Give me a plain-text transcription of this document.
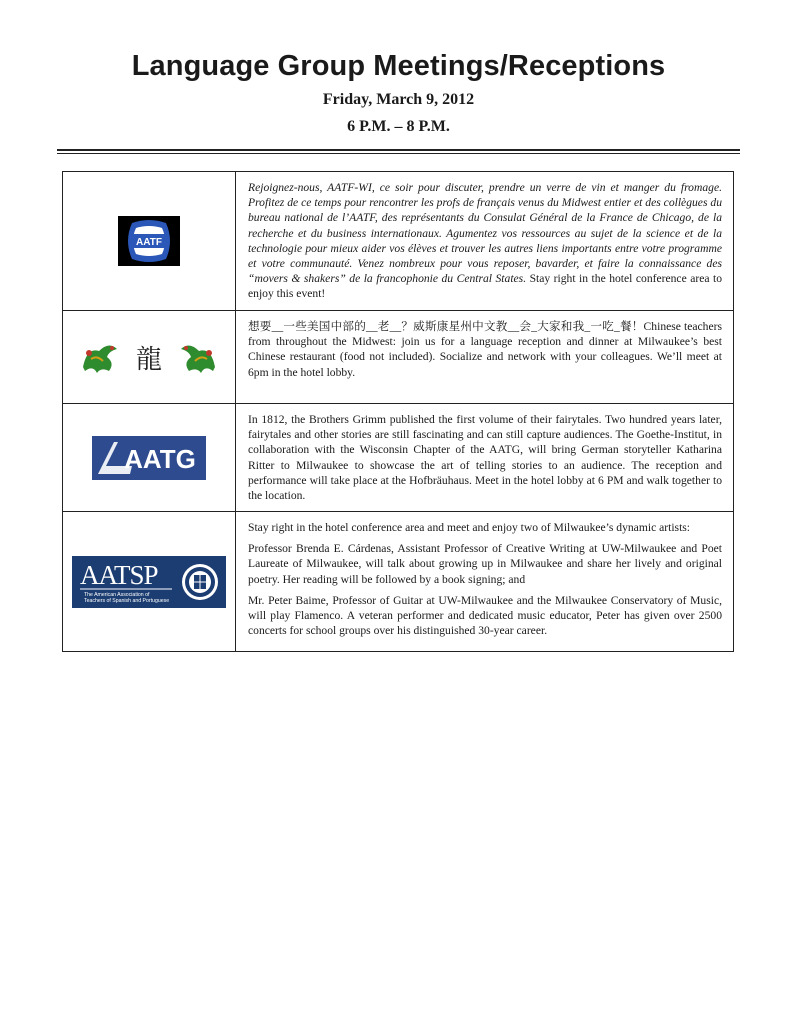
Language Group Meetings/Receptions

Friday, March 9, 2012

6 P.M. – 8 P.M.

AATF

Rejoignez-nous, AATF-WI, ce soir pour discuter, prendre un verre de vin et manger du fromage. Profitez de ce temps pour rencontrer les profs de français venus du Midwest entier et des collègues du bureau national de l’AATF, des représentants du Consulat Général de la France de Chicago, de la recherche et du business internationaux. Agumentez vos ressources au sujet de la science et de la technologie pour mieux aider vos élèves et trouver les autres liens importants entre votre programme et votre communauté. Venez nombreux pour vous reposer, bavarder, et faire la connaissance des “movers & shakers” de la francophonie du Central States. Stay right in the hotel conference area to enjoy this event!

龍

想要__一些美国中部的__老__？威斯康星州中文教__会_大家和我_一吃_餐！Chinese teachers from throughout the Midwest: join us for a language reception and dinner at Milwaukee’s best Chinese restaurant (food not included). Socialize and network with your colleagues. We’ll meet at 6pm in the hotel lobby.

AATG

In 1812, the Brothers Grimm published the first volume of their fairytales. Two hundred years later, fairytales and other stories are still fascinating and can still capture audiences. The Goethe-Institut, in collaboration with the Wisconsin Chapter of the AATG, will bring German storyteller Katharina Ritter to Milwaukee to showcase the art of telling stories to an audience. The reception and performance will take place at the Hofbräuhaus. Meet in the hotel lobby at 6 PM and walk together to the location.

AATSP
The American Association of
Teachers of Spanish and Portuguese

Stay right in the hotel conference area and meet and enjoy two of Milwaukee’s dynamic artists:

Professor Brenda E. Cárdenas, Assistant Professor of Creative Writing at UW-Milwaukee and Poet Laureate of Milwaukee, will talk about growing up in Milwaukee and share her lively and original poetry. Her reading will be followed by a book signing; and

Mr. Peter Baime, Professor of Guitar at UW-Milwaukee and the Milwaukee Conservatory of Music, will play Flamenco. A veteran performer and dedicated music educator, Peter has given over 2500 concerts for school groups over his distinguished 30-year career.
